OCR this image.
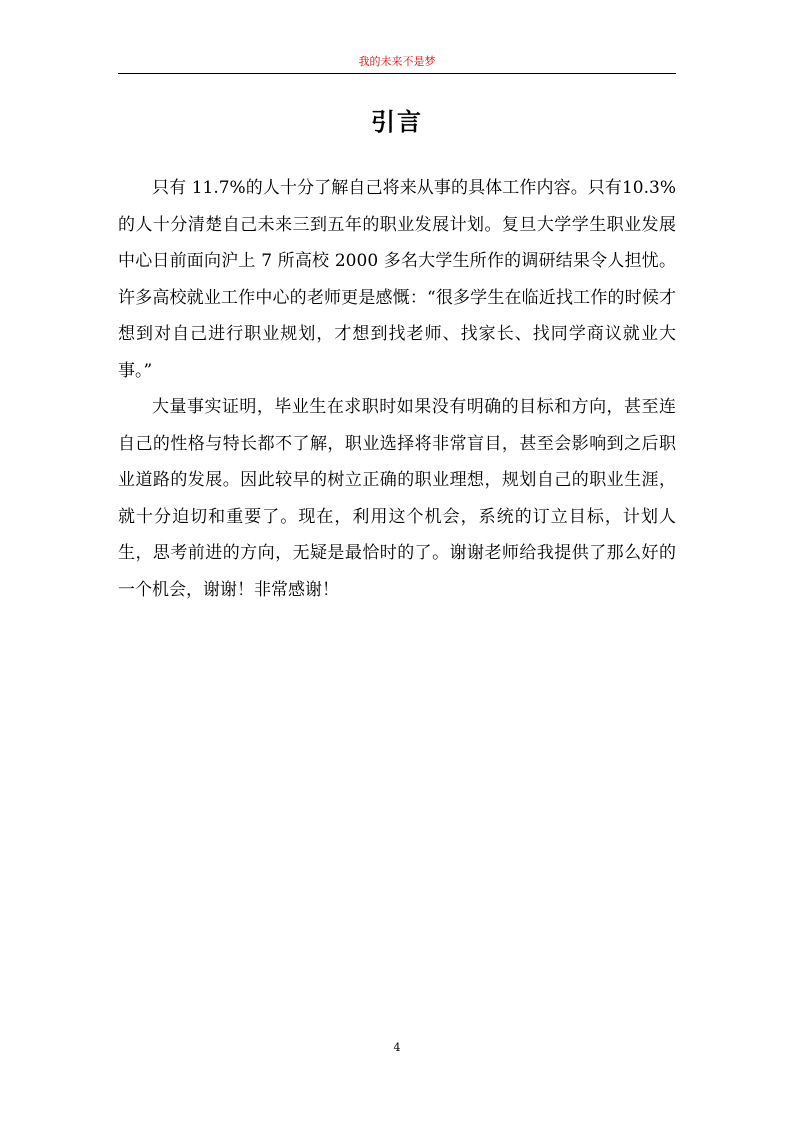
我的未来不是梦
引言

只有 11.7%的人十分了解自己将来从事的具体工作内容。只有10.3%的人十分清楚自己未来三到五年的职业发展计划。复旦大学学生职业发展中心日前面向沪上 7 所高校 2000 多名大学生所作的调研结果令人担忧。许多高校就业工作中心的老师更是感慨：“很多学生在临近找工作的时候才想到对自己进行职业规划，才想到找老师、找家长、找同学商议就业大事。”

大量事实证明，毕业生在求职时如果没有明确的目标和方向，甚至连自己的性格与特长都不了解，职业选择将非常盲目，甚至会影响到之后职业道路的发展。因此较早的树立正确的职业理想，规划自己的职业生涯，就十分迫切和重要了。现在，利用这个机会，系统的订立目标，计划人生，思考前进的方向，无疑是最恰时的了。谢谢老师给我提供了那么好的一个机会，谢谢！非常感谢！

4
